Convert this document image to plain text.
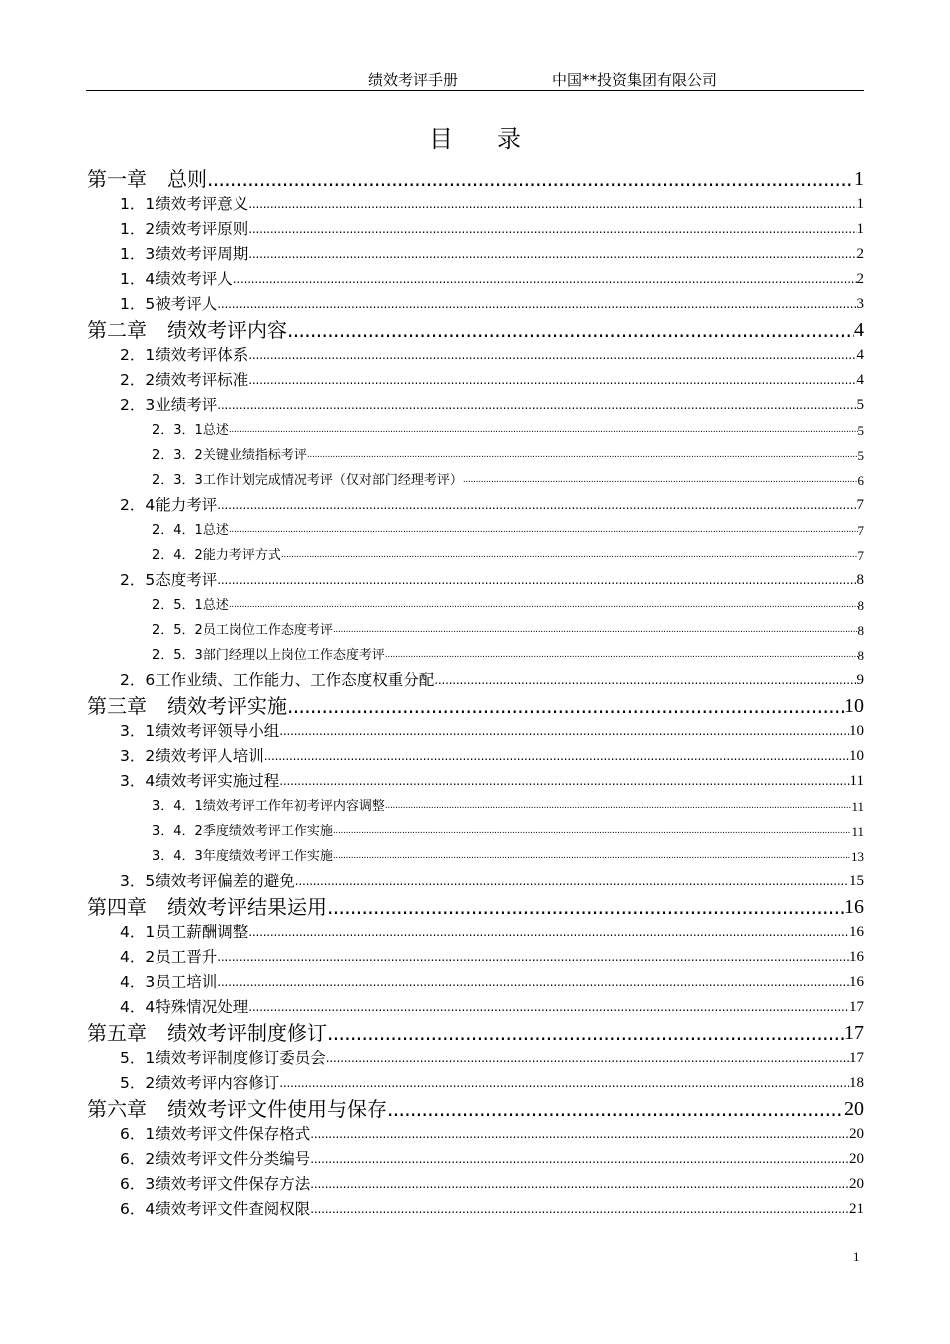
绩效考评手册	中国**投资集团有限公司
目录
第一章　总则 .....	1
1．1绩效考评意义 .....	1
1．2绩效考评原则 .....	1
1．3绩效考评周期 .....	2
1．4绩效考评人 .....	2
1．5被考评人 .....	3
第二章　绩效考评内容 .....	4
2．1绩效考评体系 .....	4
2．2绩效考评标准 .....	4
2．3业绩考评 .....	5
2．3．1总述 .....	5
2．3．2关键业绩指标考评 .....	5
2．3．3工作计划完成情况考评（仅对部门经理考评） .....	6
2．4能力考评 .....	7
2．4．1总述 .....	7
2．4．2能力考评方式 .....	7
2．5态度考评 .....	8
2．5．1总述 .....	8
2．5．2员工岗位工作态度考评 .....	8
2．5．3部门经理以上岗位工作态度考评 .....	8
2．6工作业绩、工作能力、工作态度权重分配 .....	9
第三章　绩效考评实施 .....	10
3．1绩效考评领导小组 .....	10
3．2绩效考评人培训 .....	10
3．4绩效考评实施过程 .....	11
3．4．1绩效考评工作年初考评内容调整 .....	11
3．4．2季度绩效考评工作实施 .....	11
3．4．3年度绩效考评工作实施 .....	13
3．5绩效考评偏差的避免 .....	15
第四章　绩效考评结果运用 .....	16
4．1员工薪酬调整 .....	16
4．2员工晋升 .....	16
4．3员工培训 .....	16
4．4特殊情况处理 .....	17
第五章　绩效考评制度修订 .....	17
5．1绩效考评制度修订委员会 .....	17
5．2绩效考评内容修订 .....	18
第六章　绩效考评文件使用与保存 .....	20
6．1绩效考评文件保存格式 .....	20
6．2绩效考评文件分类编号 .....	20
6．3绩效考评文件保存方法 .....	20
6．4绩效考评文件查阅权限 .....	21
1
